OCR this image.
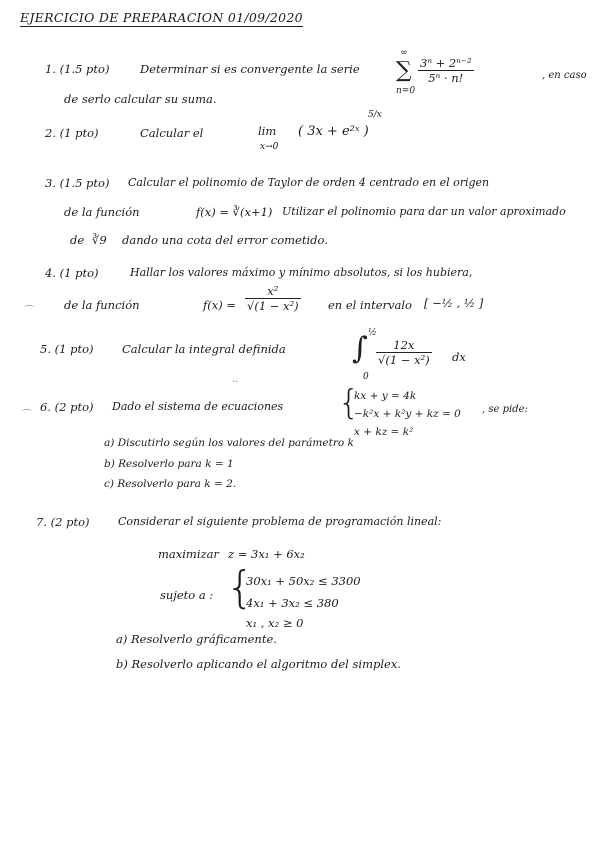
EJERCICIO DE PREPARACION 01/09/2020
1. (1.5 pto)	Determinar si es convergente la serie
∞
∑
n=0
$\frac{\text{3ⁿ + 2ⁿ⁻²}}{\text{5ⁿ · n!}}$	, en caso
de serlo calcular su suma.
2. (1 pto)	Calcular el	lim
x→0
( 3x + e²ˣ )
5/x
3. (1.5 pto) Calcular el polinomio de Taylor de orden 4 centrado en el origen
de la función	f(x) = ∛(x+1) Utilizar el polinomio para dar un valor aproximado
de ∛9 dando una cota del error cometido.
4. (1 pto)	Hallar los valores máximo y mínimo absolutos, si los hubiera,
de la función	$f(x) = \frac{\text{x²}}{\text{√(1 − x²)}}$ en el intervalo [ −½ , ½ ]
5. (1 pto) Calcular la integral definida
½
∫
0
$\frac{12x}{\text{√(1 − x²)}}$ dx
6. (2 pto) Dado el sistema de ecuaciones {
kx + y = 4k
−k²x + k²y + kz = 0
x + kz = k²
, se pide:
a) Discutirlo según los valores del parámetro k
b) Resolverlo para k = 1
c) Resolverlo para k = 2.
7. (2 pto)	Considerar el siguiente problema de programación lineal:
maximizar z = 3x₁ + 6x₂
sujeto a : {
30x₁ + 50x₂ ≤ 3300
4x₁ + 3x₂ ≤ 380
x₁ , x₂ ≥ 0
a) Resolverlo gráficamente.
b) Resolverlo aplicando el algoritmo del simplex.
⌒
⌒
‥
